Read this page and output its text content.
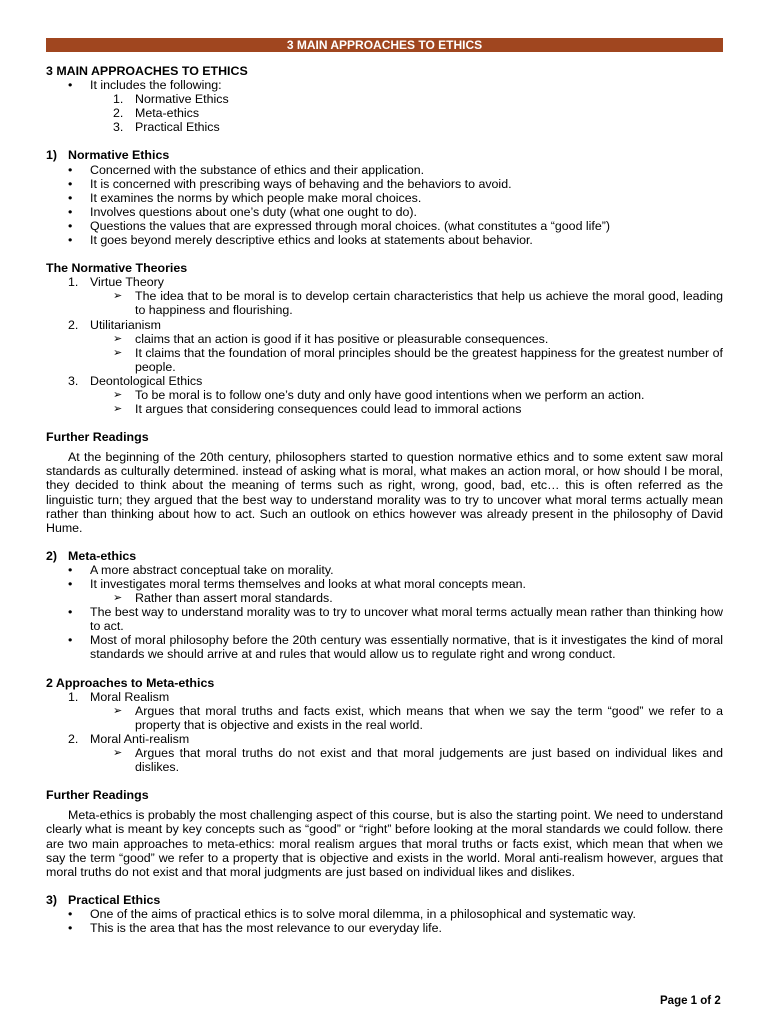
3 MAIN APPROACHES TO ETHICS
3 MAIN APPROACHES TO ETHICS
• It includes the following:
1. Normative Ethics
2. Meta-ethics
3. Practical Ethics
1) Normative Ethics
• Concerned with the substance of ethics and their application.
• It is concerned with prescribing ways of behaving and the behaviors to avoid.
• It examines the norms by which people make moral choices.
• Involves questions about one’s duty (what one ought to do).
• Questions the values that are expressed through moral choices. (what constitutes a “good life”)
• It goes beyond merely descriptive ethics and looks at statements about behavior.
The Normative Theories
1. Virtue Theory
➢ The idea that to be moral is to develop certain characteristics that help us achieve the moral good, leading to happiness and flourishing.
2. Utilitarianism
➢ claims that an action is good if it has positive or pleasurable consequences.
➢ It claims that the foundation of moral principles should be the greatest happiness for the greatest number of people.
3. Deontological Ethics
➢ To be moral is to follow one’s duty and only have good intentions when we perform an action.
➢ It argues that considering consequences could lead to immoral actions
Further Readings

At the beginning of the 20th century, philosophers started to question normative ethics and to some extent saw moral standards as culturally determined. instead of asking what is moral, what makes an action moral, or how should I be moral, they decided to think about the meaning of terms such as right, wrong, good, bad, etc… this is often referred as the linguistic turn; they argued that the best way to understand morality was to try to uncover what moral terms actually mean rather than thinking about how to act. Such an outlook on ethics however was already present in the philosophy of David Hume.

2) Meta-ethics
• A more abstract conceptual take on morality.
• It investigates moral terms themselves and looks at what moral concepts mean.
➢ Rather than assert moral standards.
• The best way to understand morality was to try to uncover what moral terms actually mean rather than thinking how to act.
• Most of moral philosophy before the 20th century was essentially normative, that is it investigates the kind of moral standards we should arrive at and rules that would allow us to regulate right and wrong conduct.
2 Approaches to Meta-ethics
1. Moral Realism
➢ Argues that moral truths and facts exist, which means that when we say the term “good” we refer to a property that is objective and exists in the real world.
2. Moral Anti-realism
➢ Argues that moral truths do not exist and that moral judgements are just based on individual likes and dislikes.
Further Readings

Meta-ethics is probably the most challenging aspect of this course, but is also the starting point. We need to understand clearly what is meant by key concepts such as “good” or “right” before looking at the moral standards we could follow. there are two main approaches to meta-ethics: moral realism argues that moral truths or facts exist, which mean that when we say the term “good” we refer to a property that is objective and exists in the world. Moral anti-realism however, argues that moral truths do not exist and that moral judgments are just based on individual likes and dislikes.

3) Practical Ethics
• One of the aims of practical ethics is to solve moral dilemma, in a philosophical and systematic way.
• This is the area that has the most relevance to our everyday life.
Page 1 of 2
